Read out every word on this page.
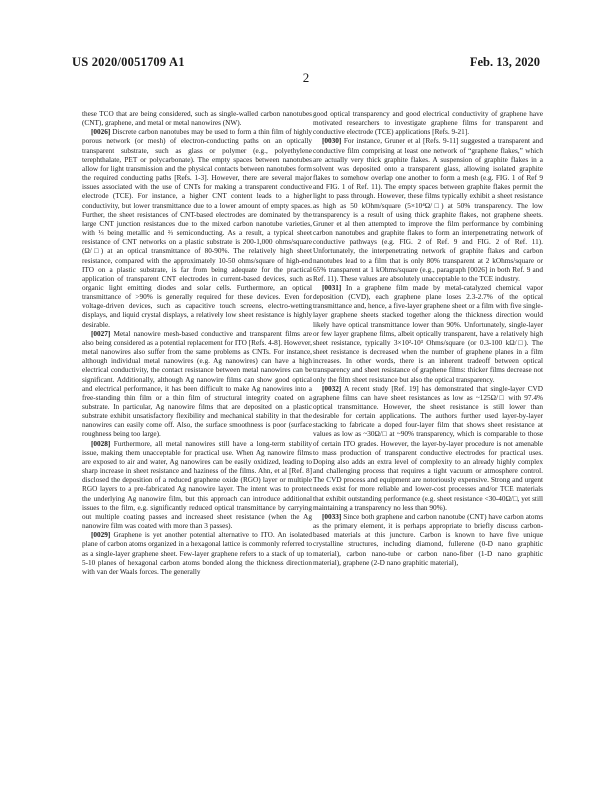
US 2020/0051709 A1	Feb. 13, 2020
2

these TCO that are being considered, such as single-walled carbon nanotubes (CNT), graphene, and metal or metal nanowires (NW).

[0026] Discrete carbon nanotubes may be used to form a thin film of highly porous network (or mesh) of electron-conducting paths on an optically transparent substrate, such as glass or polymer (e.g., polyethylene terephthalate, PET or polycarbonate). The empty spaces between nanotubes allow for light transmission and the physical contacts between nanotubes form the required conducting paths [Refs. 1-3]. However, there are several major issues associated with the use of CNTs for making a transparent conductive electrode (TCE). For instance, a higher CNT content leads to a higher conductivity, but lower transmittance due to a lower amount of empty spaces. Further, the sheet resistances of CNT-based electrodes are dominated by the large CNT junction resistances due to the mixed carbon nanotube varieties, with ⅓ being metallic and ⅔ semiconducting. As a result, a typical sheet resistance of CNT networks on a plastic substrate is 200-1,000 ohms/square (Ω/□) at an optical transmittance of 80-90%. The relatively high sheet resistance, compared with the approximately 10-50 ohms/square of high-end ITO on a plastic substrate, is far from being adequate for the practical application of transparent CNT electrodes in current-based devices, such as organic light emitting diodes and solar cells. Furthermore, an optical transmittance of >90% is generally required for these devices. Even for voltage-driven devices, such as capacitive touch screens, electro-wetting displays, and liquid crystal displays, a relatively low sheet resistance is highly desirable.

[0027] Metal nanowire mesh-based conductive and transparent films are also being considered as a potential replacement for ITO [Refs. 4-8]. However, metal nanowires also suffer from the same problems as CNTs. For instance, although individual metal nanowires (e.g. Ag nanowires) can have a high electrical conductivity, the contact resistance between metal nanowires can be significant. Additionally, although Ag nanowire films can show good optical and electrical performance, it has been difficult to make Ag nanowires into a free-standing thin film or a thin film of structural integrity coated on a substrate. In particular, Ag nanowire films that are deposited on a plastic substrate exhibit unsatisfactory flexibility and mechanical stability in that the nanowires can easily come off. Also, the surface smoothness is poor (surface roughness being too large).

[0028] Furthermore, all metal nanowires still have a long-term stability issue, making them unacceptable for practical use. When Ag nanowire films are exposed to air and water, Ag nanowires can be easily oxidized, leading to sharp increase in sheet resistance and haziness of the films. Ahn, et al [Ref. 8] disclosed the deposition of a reduced graphene oxide (RGO) layer or multiple RGO layers to a pre-fabricated Ag nanowire layer. The intent was to protect the underlying Ag nanowire film, but this approach can introduce additional issues to the film, e.g. significantly reduced optical transmittance by carrying out multiple coating passes and increased sheet resistance (when the Ag nanowire film was coated with more than 3 passes).

[0029] Graphene is yet another potential alternative to ITO. An isolated plane of carbon atoms organized in a hexagonal lattice is commonly referred to as a single-layer graphene sheet. Few-layer graphene refers to a stack of up to 5-10 planes of hexagonal carbon atoms bonded along the thickness direction with van der Waals forces. The generally

good optical transparency and good electrical conductivity of graphene have motivated researchers to investigate graphene films for transparent and conductive electrode (TCE) applications [Refs. 9-21].

[0030] For instance, Gruner et al [Refs. 9-11] suggested a transparent and conductive film comprising at least one network of “graphene flakes,” which are actually very thick graphite flakes. A suspension of graphite flakes in a solvent was deposited onto a transparent glass, allowing isolated graphite flakes to somehow overlap one another to form a mesh (e.g. FIG. 1 of Ref 9 and FIG. 1 of Ref. 11). The empty spaces between graphite flakes permit the light to pass through. However, these films typically exhibit a sheet resistance as high as 50 kOhm/square (5×10⁴Ω/□) at 50% transparency. The low transparency is a result of using thick graphite flakes, not graphene sheets. Gruner et al then attempted to improve the film performance by combining carbon nanotubes and graphite flakes to form an interpenetrating network of conductive pathways (e.g. FIG. 2 of Ref. 9 and FIG. 2 of Ref. 11). Unfortunately, the interpenetrating network of graphite flakes and carbon nanotubes lead to a film that is only 80% transparent at 2 kOhms/square or 65% transparent at 1 kOhms/square (e.g., paragraph [0026] in both Ref. 9 and Ref. 11). These values are absolutely unacceptable to the TCE industry.

[0031] In a graphene film made by metal-catalyzed chemical vapor deposition (CVD), each graphene plane loses 2.3-2.7% of the optical transmittance and, hence, a five-layer graphene sheet or a film with five single-layer graphene sheets stacked together along the thickness direction would likely have optical transmittance lower than 90%. Unfortunately, single-layer or few layer graphene films, albeit optically transparent, have a relatively high sheet resistance, typically 3×10²-10³ Ohms/square (or 0.3-100 kΩ/□). The sheet resistance is decreased when the number of graphene planes in a film increases. In other words, there is an inherent tradeoff between optical transparency and sheet resistance of graphene films: thicker films decrease not only the film sheet resistance but also the optical transparency.

[0032] A recent study [Ref. 19] has demonstrated that single-layer CVD graphene films can have sheet resistances as low as ~125Ω/□ with 97.4% optical transmittance. However, the sheet resistance is still lower than desirable for certain applications. The authors further used layer-by-layer stacking to fabricate a doped four-layer film that shows sheet resistance at values as low as ~30Ω/□ at ~90% transparency, which is comparable to those of certain ITO grades. However, the layer-by-layer procedure is not amenable to mass production of transparent conductive electrodes for practical uses. Doping also adds an extra level of complexity to an already highly complex and challenging process that requires a tight vacuum or atmosphere control. The CVD process and equipment are notoriously expensive. Strong and urgent needs exist for more reliable and lower-cost processes and/or TCE materials that exhibit outstanding performance (e.g. sheet resistance <30-40Ω/□, yet still maintaining a transparency no less than 90%).

[0033] Since both graphene and carbon nanotube (CNT) have carbon atoms as the primary element, it is perhaps appropriate to briefly discuss carbon-based materials at this juncture. Carbon is known to have five unique crystalline structures, including diamond, fullerene (0-D nano graphitic material), carbon nano-tube or carbon nano-fiber (1-D nano graphitic material), graphene (2-D nano graphitic material),
